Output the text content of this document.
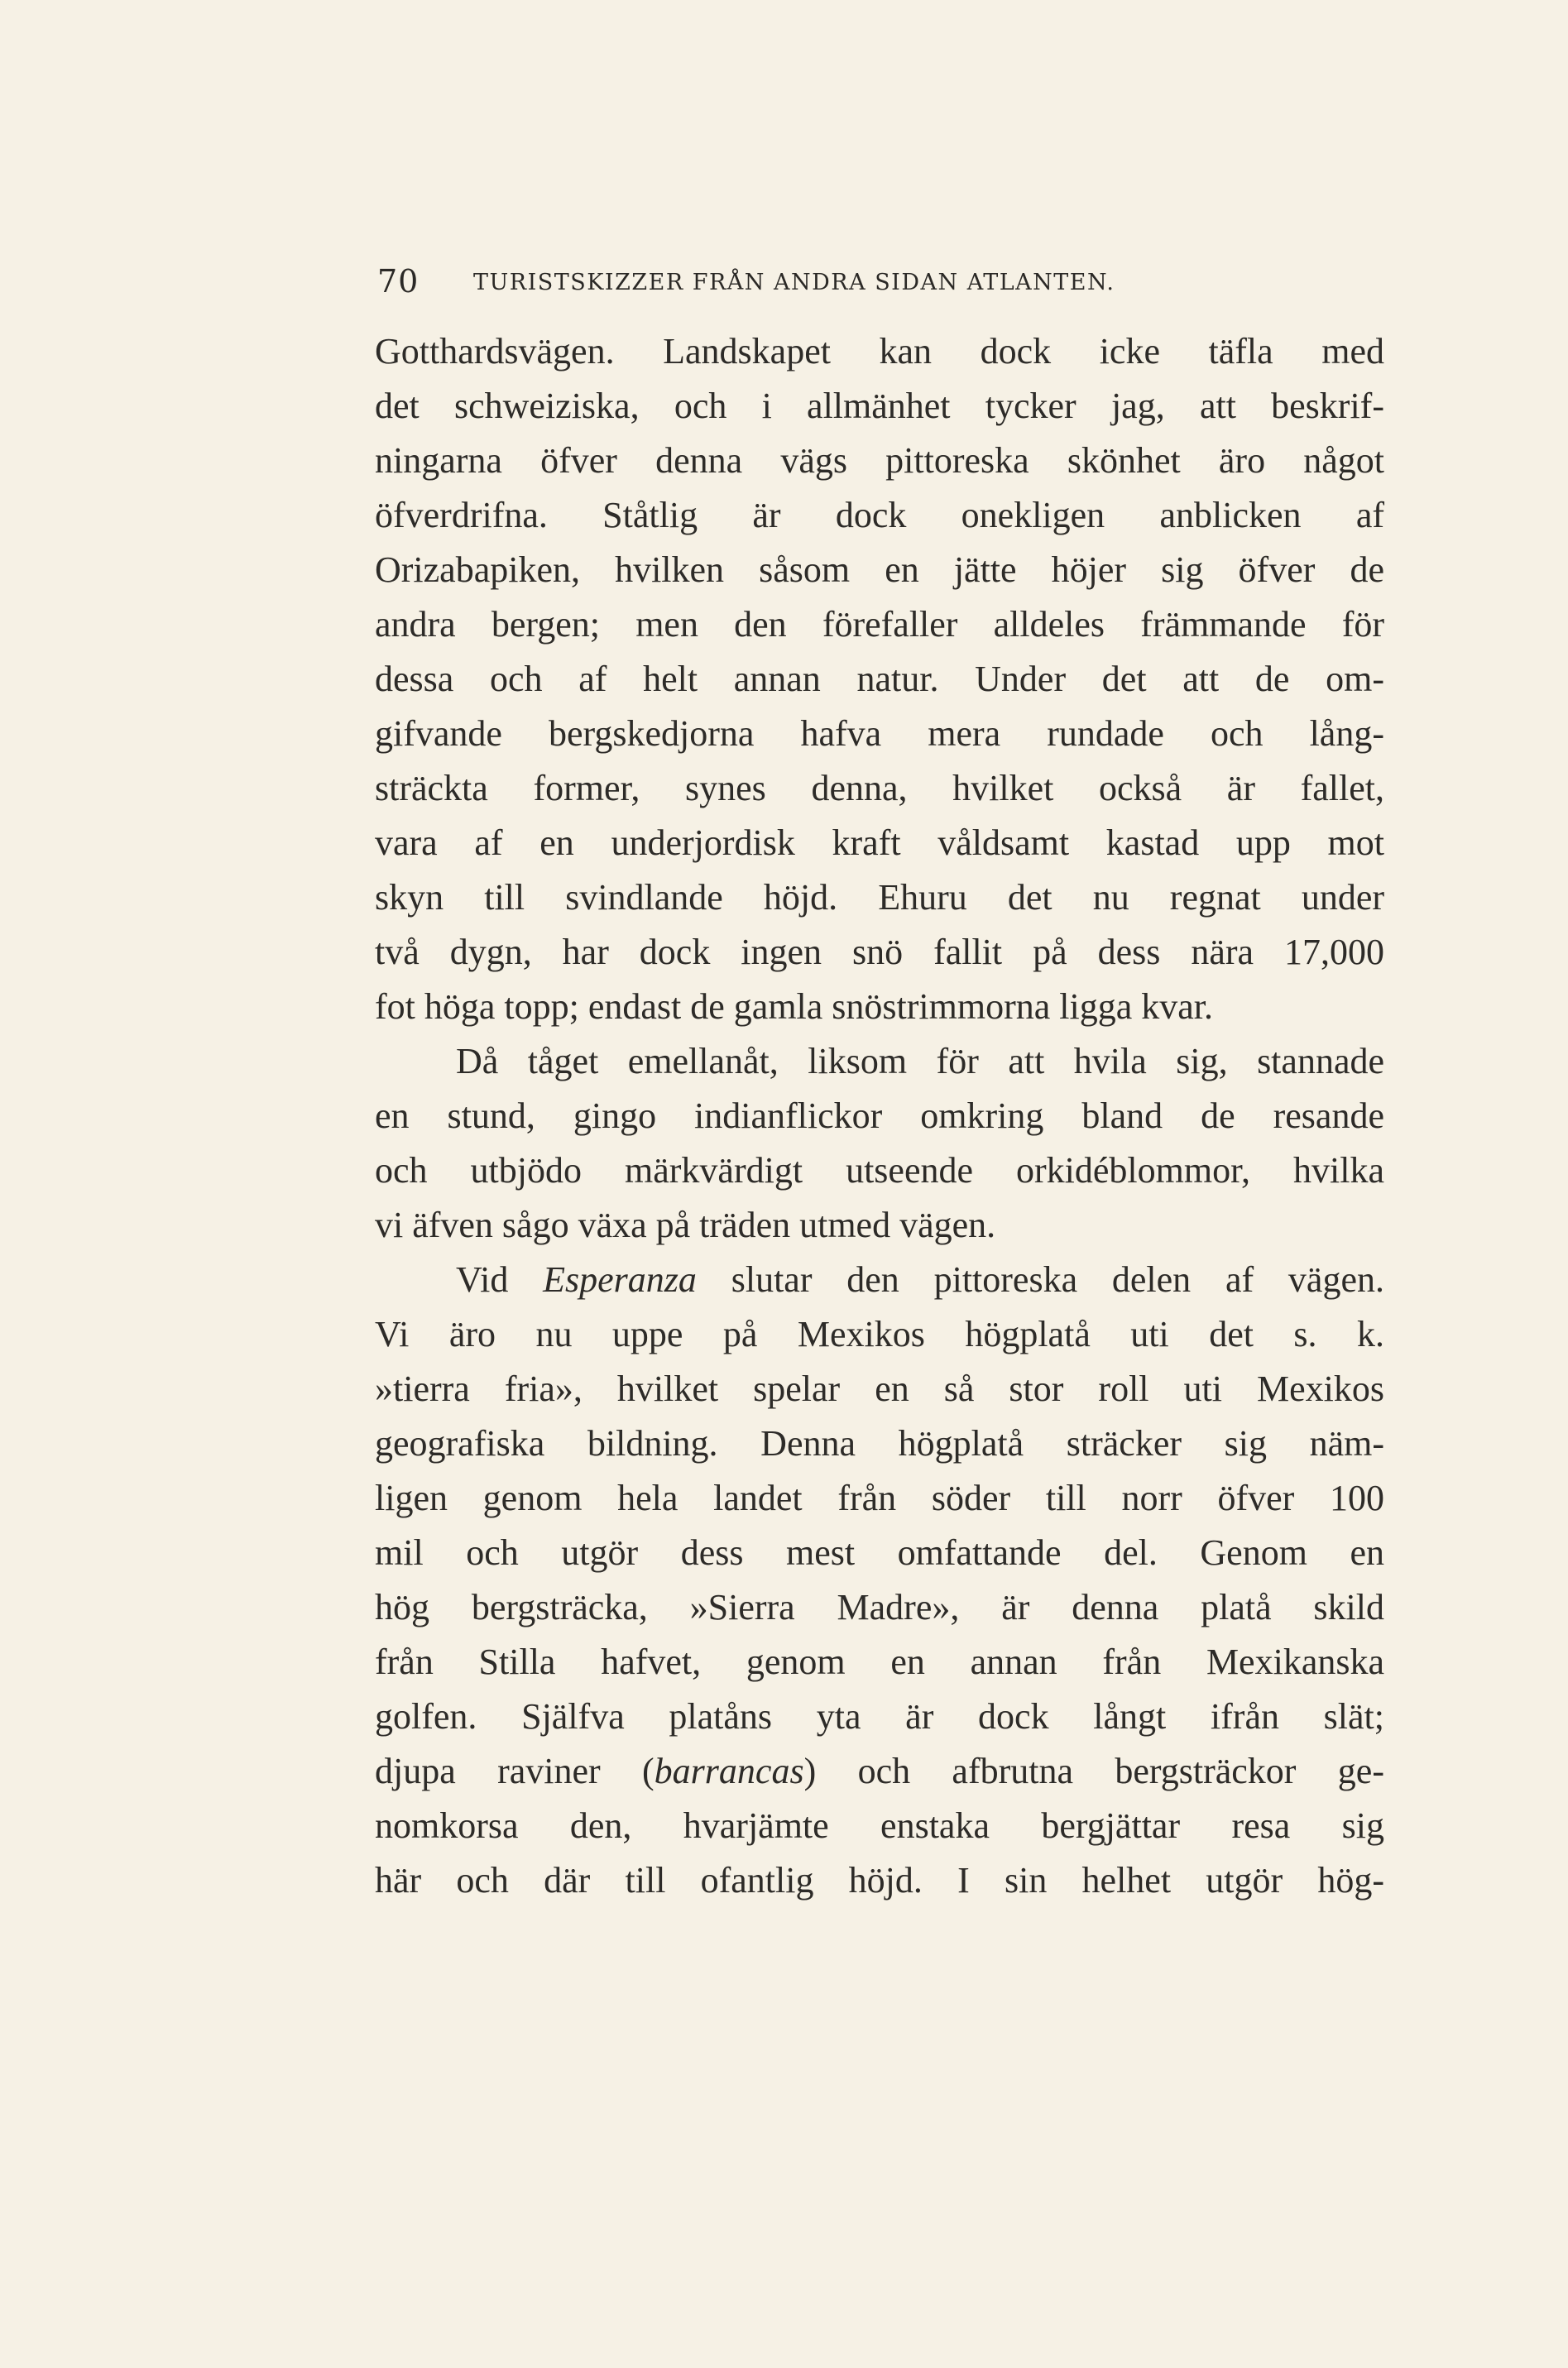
70 TURISTSKIZZER FRÅN ANDRA SIDAN ATLANTEN.
Gotthardsvägen. Landskapet kan dock icke täfla med
det schweiziska, och i allmänhet tycker jag, att beskrif-
ningarna öfver denna vägs pittoreska skönhet äro något
öfverdrifna. Ståtlig är dock onekligen anblicken af
Orizabapiken, hvilken såsom en jätte höjer sig öfver de
andra bergen; men den förefaller alldeles främmande för
dessa och af helt annan natur. Under det att de om-
gifvande bergskedjorna hafva mera rundade och lång-
sträckta former, synes denna, hvilket också är fallet,
vara af en underjordisk kraft våldsamt kastad upp mot
skyn till svindlande höjd. Ehuru det nu regnat under
två dygn, har dock ingen snö fallit på dess nära 17,000
fot höga topp; endast de gamla snöstrimmorna ligga kvar.
Då tåget emellanåt, liksom för att hvila sig, stannade
en stund, gingo indianflickor omkring bland de resande
och utbjödo märkvärdigt utseende orkidéblommor, hvilka
vi äfven sågo växa på träden utmed vägen.
Vid Esperanza slutar den pittoreska delen af vägen.
Vi äro nu uppe på Mexikos högplatå uti det s. k.
»tierra fria», hvilket spelar en så stor roll uti Mexikos
geografiska bildning. Denna högplatå sträcker sig näm-
ligen genom hela landet från söder till norr öfver 100
mil och utgör dess mest omfattande del. Genom en
hög bergsträcka, »Sierra Madre», är denna platå skild
från Stilla hafvet, genom en annan från Mexikanska
golfen. Själfva platåns yta är dock långt ifrån slät;
djupa raviner (barrancas) och afbrutna bergsträckor ge-
nomkorsa den, hvarjämte enstaka bergjättar resa sig
här och där till ofantlig höjd. I sin helhet utgör hög-
